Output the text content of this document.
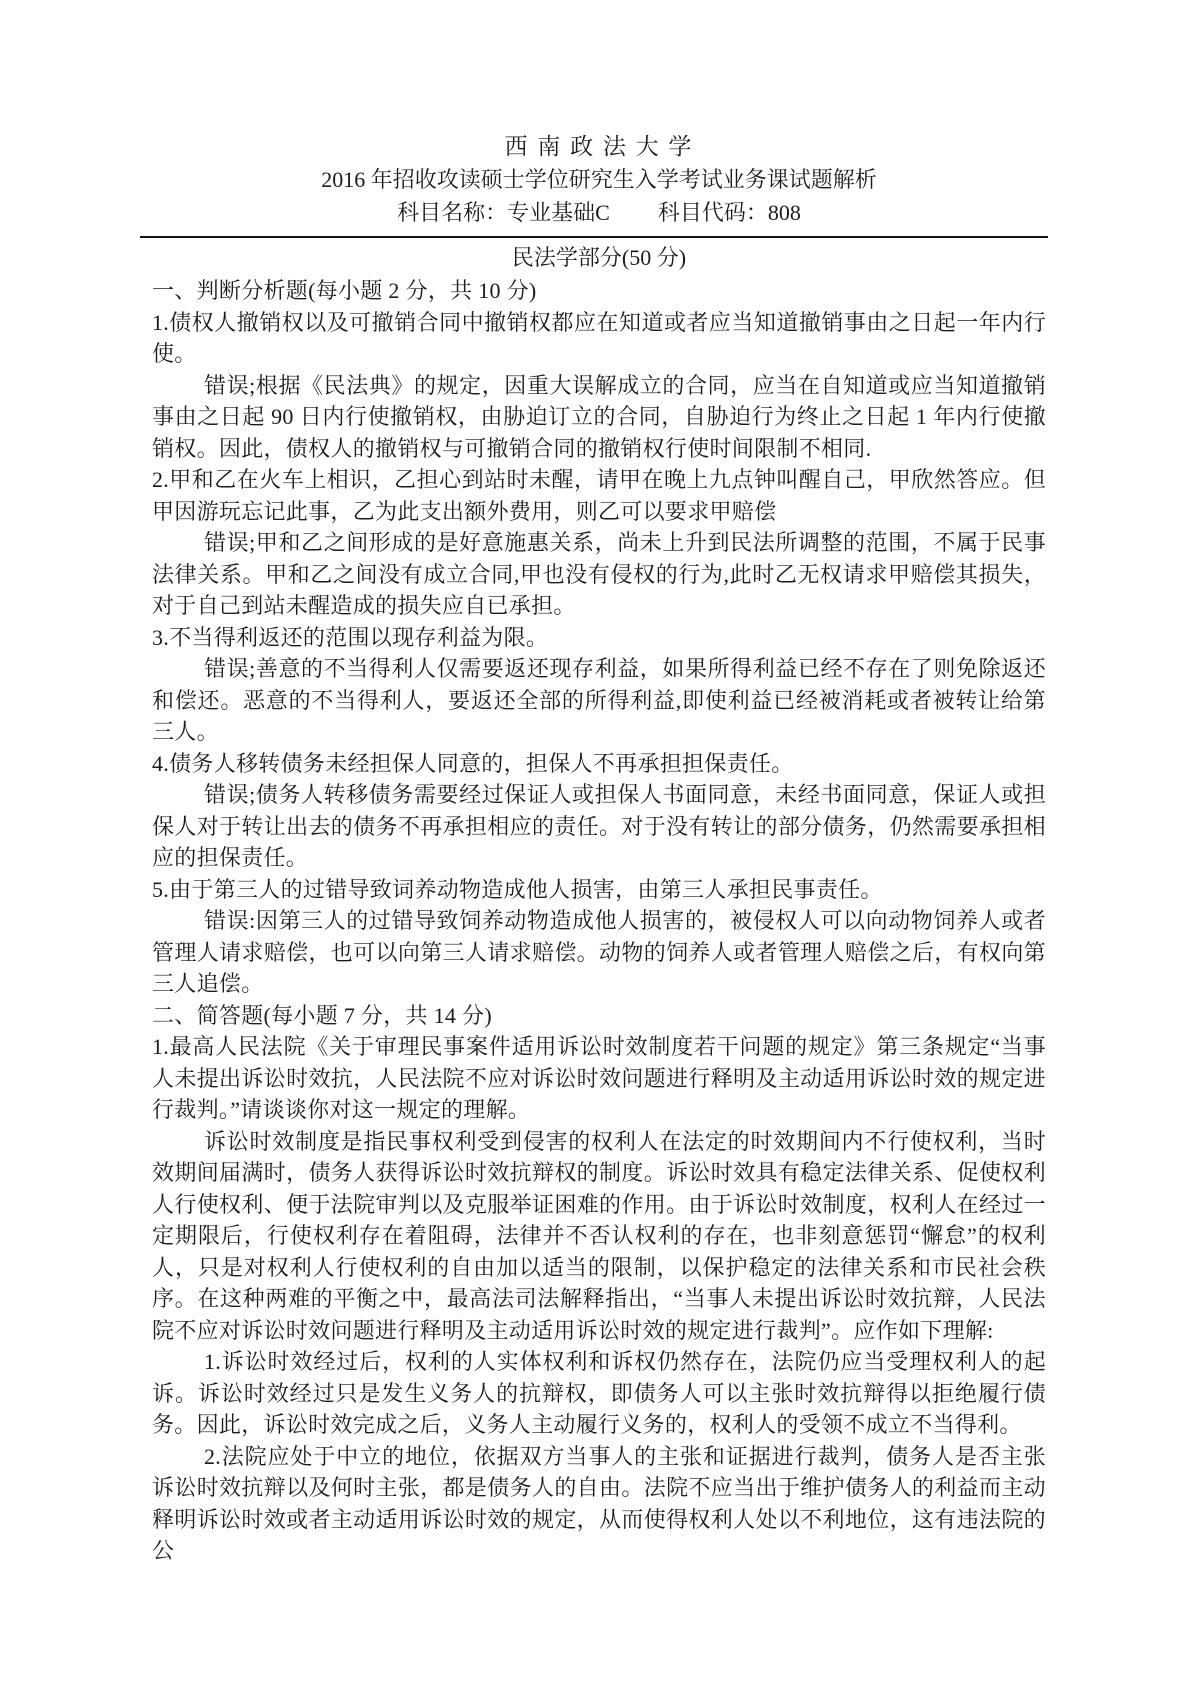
西 南 政 法 大 学
2016 年招收攻读硕士学位研究生入学考试业务课试题解析
科目名称：专业基础C 科目代码：808
民法学部分(50 分)

一、判断分析题(每小题 2 分，共 10 分)

1.债权人撤销权以及可撤销合同中撤销权都应在知道或者应当知道撤销事由之日起一年内行使。

错误;根据《民法典》的规定，因重大误解成立的合同，应当在自知道或应当知道撤销事由之日起 90 日内行使撤销权，由胁迫订立的合同，自胁迫行为终止之日起 1 年内行使撤销权。因此，债权人的撤销权与可撤销合同的撤销权行使时间限制不相同.

2.甲和乙在火车上相识，乙担心到站时未醒，请甲在晚上九点钟叫醒自己，甲欣然答应。但甲因游玩忘记此事，乙为此支出额外费用，则乙可以要求甲赔偿

错误;甲和乙之间形成的是好意施惠关系，尚未上升到民法所调整的范围，不属于民事法律关系。甲和乙之间没有成立合同,甲也没有侵权的行为,此时乙无权请求甲赔偿其损失，对于自己到站未醒造成的损失应自已承担。

3.不当得利返还的范围以现存利益为限。

错误;善意的不当得利人仅需要返还现存利益，如果所得利益已经不存在了则免除返还和偿还。恶意的不当得利人，要返还全部的所得利益,即使利益已经被消耗或者被转让给第三人。

4.债务人移转债务未经担保人同意的，担保人不再承担担保责任。

错误;债务人转移债务需要经过保证人或担保人书面同意，未经书面同意，保证人或担保人对于转让出去的债务不再承担相应的责任。对于没有转让的部分债务，仍然需要承担相应的担保责任。

5.由于第三人的过错导致词养动物造成他人损害，由第三人承担民事责任。

错误:因第三人的过错导致饲养动物造成他人损害的，被侵权人可以向动物饲养人或者管理人请求赔偿，也可以向第三人请求赔偿。动物的饲养人或者管理人赔偿之后，有权向第三人追偿。

二、简答题(每小题 7 分，共 14 分)

1.最高人民法院《关于审理民事案件适用诉讼时效制度若干问题的规定》第三条规定“当事人未提出诉讼时效抗，人民法院不应对诉讼时效问题进行释明及主动适用诉讼时效的规定进行裁判。”请谈谈你对这一规定的理解。

诉讼时效制度是指民事权利受到侵害的权利人在法定的时效期间内不行使权利，当时效期间届满时，债务人获得诉讼时效抗辩权的制度。诉讼时效具有稳定法律关系、促使权利人行使权利、便于法院审判以及克服举证困难的作用。由于诉讼时效制度，权利人在经过一定期限后，行使权利存在着阻碍，法律并不否认权利的存在，也非刻意惩罚“懈怠”的权利人，只是对权利人行使权利的自由加以适当的限制，以保护稳定的法律关系和市民社会秩序。在这种两难的平衡之中，最高法司法解释指出，“当事人未提出诉讼时效抗辩，人民法院不应对诉讼时效问题进行释明及主动适用诉讼时效的规定进行裁判”。应作如下理解:

1.诉讼时效经过后，权利的人实体权利和诉权仍然存在，法院仍应当受理权利人的起诉。诉讼时效经过只是发生义务人的抗辩权，即债务人可以主张时效抗辩得以拒绝履行债务。因此，诉讼时效完成之后，义务人主动履行义务的，权利人的受领不成立不当得利。

2.法院应处于中立的地位，依据双方当事人的主张和证据进行裁判，债务人是否主张诉讼时效抗辩以及何时主张，都是债务人的自由。法院不应当出于维护债务人的利益而主动释明诉讼时效或者主动适用诉讼时效的规定，从而使得权利人处以不利地位，这有违法院的公
